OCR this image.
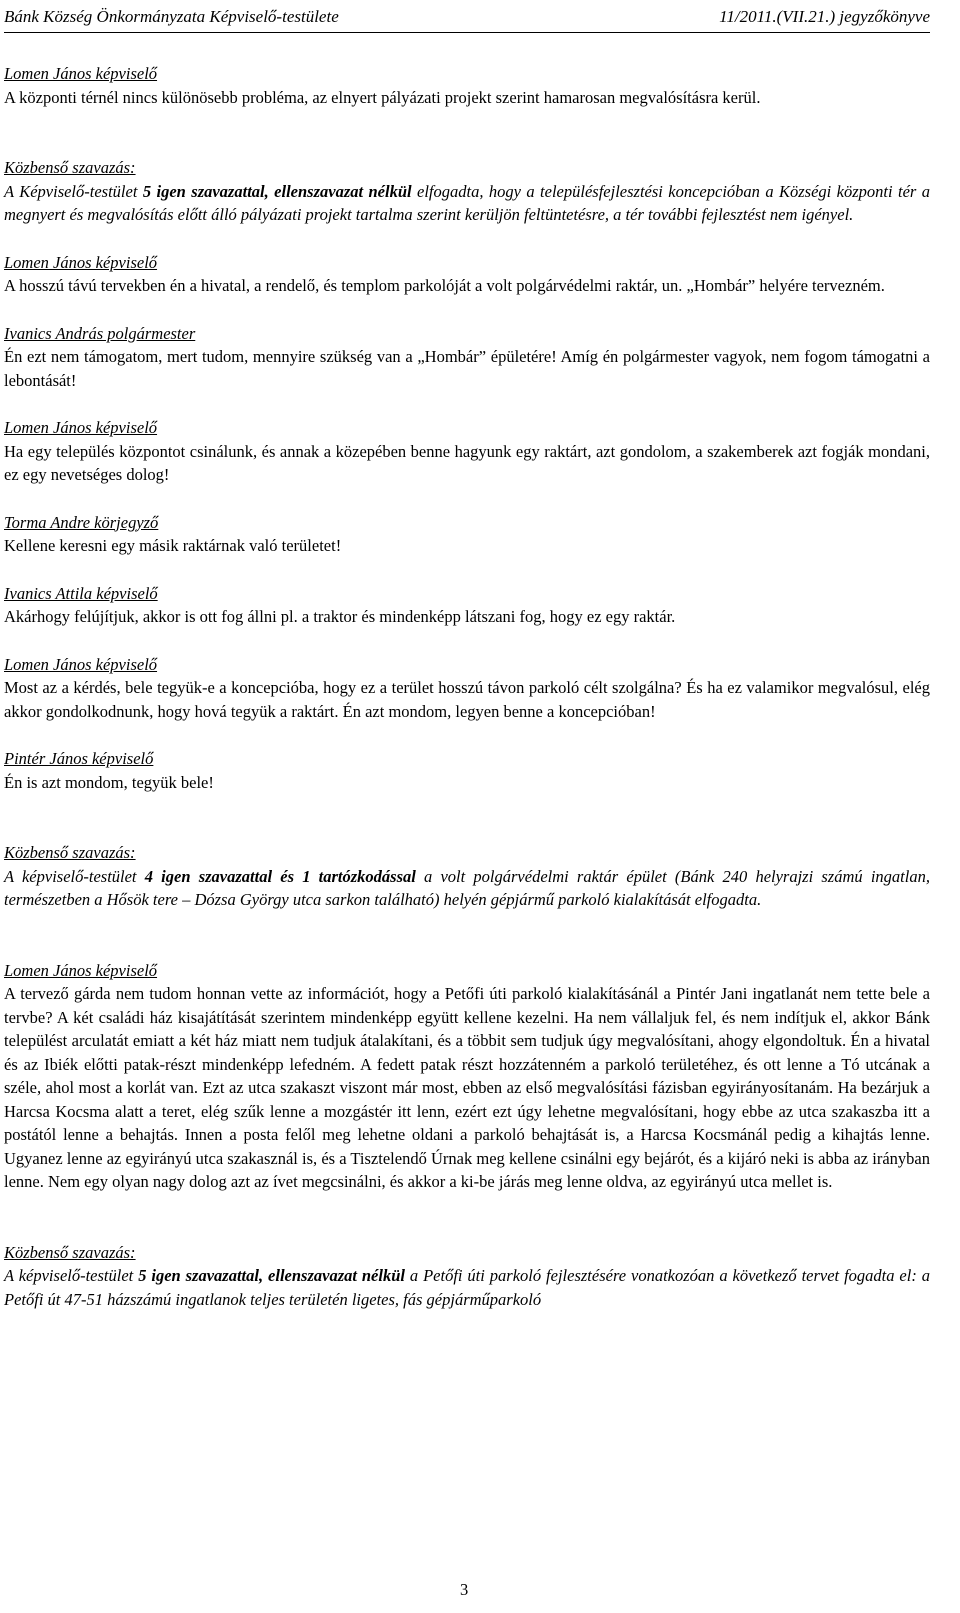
Bánk Község Önkormányzata Képviselő-testülete	11/2011.(VII.21.) jegyzőkönyve

Lomen János képviselő

A központi térnél nincs különösebb probléma, az elnyert pályázati projekt szerint hamarosan megvalósításra kerül.

Közbenső szavazás:

A Képviselő-testület 5 igen szavazattal, ellenszavazat nélkül elfogadta, hogy a településfejlesztési koncepcióban a Községi központi tér a megnyert és megvalósítás előtt álló pályázati projekt tartalma szerint kerüljön feltüntetésre, a tér további fejlesztést nem igényel.

Lomen János képviselő

A hosszú távú tervekben én a hivatal, a rendelő, és templom parkolóját a volt polgárvédelmi raktár, un. „Hombár” helyére tervezném.

Ivanics András polgármester

Én ezt nem támogatom, mert tudom, mennyire szükség van a „Hombár” épületére! Amíg én polgármester vagyok, nem fogom támogatni a lebontását!

Lomen János képviselő

Ha egy település központot csinálunk, és annak a közepében benne hagyunk egy raktárt, azt gondolom, a szakemberek azt fogják mondani, ez egy nevetséges dolog!

Torma Andre körjegyző

Kellene keresni egy másik raktárnak való területet!

Ivanics Attila képviselő

Akárhogy felújítjuk, akkor is ott fog állni pl. a traktor és mindenképp látszani fog, hogy ez egy raktár.

Lomen János képviselő

Most az a kérdés, bele tegyük-e a koncepcióba, hogy ez a terület hosszú távon parkoló célt szolgálna? És ha ez valamikor megvalósul, elég akkor gondolkodnunk, hogy hová tegyük a raktárt. Én azt mondom, legyen benne a koncepcióban!

Pintér János képviselő

Én is azt mondom, tegyük bele!

Közbenső szavazás:

A képviselő-testület 4 igen szavazattal és 1 tartózkodással a volt polgárvédelmi raktár épület (Bánk 240 helyrajzi számú ingatlan, természetben a Hősök tere – Dózsa György utca sarkon található) helyén gépjármű parkoló kialakítását elfogadta.

Lomen János képviselő

A tervező gárda nem tudom honnan vette az információt, hogy a Petőfi úti parkoló kialakításánál a Pintér Jani ingatlanát nem tette bele a tervbe? A két családi ház kisajátítását szerintem mindenképp együtt kellene kezelni. Ha nem vállaljuk fel, és nem indítjuk el, akkor Bánk települést arculatát emiatt a két ház miatt nem tudjuk átalakítani, és a többit sem tudjuk úgy megvalósítani, ahogy elgondoltuk. Én a hivatal és az Ibiék előtti patak-részt mindenképp lefedném. A fedett patak részt hozzátenném a parkoló területéhez, és ott lenne a Tó utcának a széle, ahol most a korlát van. Ezt az utca szakaszt viszont már most, ebben az első megvalósítási fázisban egyirányosítanám. Ha bezárjuk a Harcsa Kocsma alatt a teret, elég szűk lenne a mozgástér itt lenn, ezért ezt úgy lehetne megvalósítani, hogy ebbe az utca szakaszba itt a postától lenne a behajtás. Innen a posta felől meg lehetne oldani a parkoló behajtását is, a Harcsa Kocsmánál pedig a kihajtás lenne. Ugyanez lenne az egyirányú utca szakasznál is, és a Tisztelendő Úrnak meg kellene csinálni egy bejárót, és a kijáró neki is abba az irányban lenne. Nem egy olyan nagy dolog azt az ívet megcsinálni, és akkor a ki-be járás meg lenne oldva, az egyirányú utca mellet is.

Közbenső szavazás:

A képviselő-testület 5 igen szavazattal, ellenszavazat nélkül a Petőfi úti parkoló fejlesztésére vonatkozóan a következő tervet fogadta el: a Petőfi út 47-51 házszámú ingatlanok teljes területén ligetes, fás gépjárműparkoló

3
